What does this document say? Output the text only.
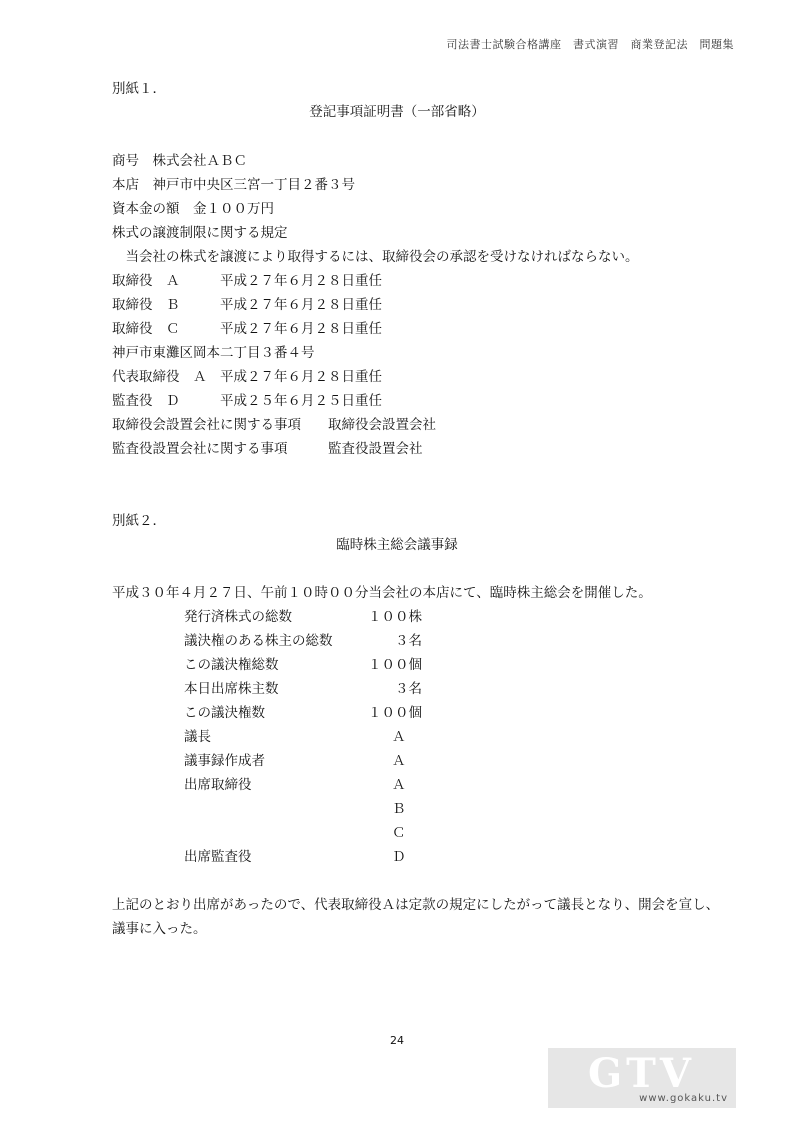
司法書士試験合格講座　書式演習　商業登記法　問題集
別紙１．
登記事項証明書（一部省略）
商号　株式会社ＡＢＣ
本店　神戸市中央区三宮一丁目２番３号
資本金の額　金１００万円
株式の譲渡制限に関する規定
　当会社の株式を譲渡により取得するには、取締役会の承認を受けなければならない。
取締役　Ａ　　　平成２７年６月２８日重任
取締役　Ｂ　　　平成２７年６月２８日重任
取締役　Ｃ　　　平成２７年６月２８日重任
神戸市東灘区岡本二丁目３番４号
代表取締役　Ａ　平成２７年６月２８日重任
監査役　Ｄ　　　平成２５年６月２５日重任
取締役会設置会社に関する事項　　取締役会設置会社
監査役設置会社に関する事項　　　監査役設置会社
別紙２．
臨時株主総会議事録
平成３０年４月２７日、午前１０時００分当会社の本店にて、臨時株主総会を開催した。
発行済株式の総数	１００株
議決権のある株主の総数	３名
この議決権総数	１００個
本日出席株主数	３名
この議決権数	１００個
議長	Ａ
議事録作成者	Ａ
出席取締役	Ａ
Ｂ
Ｃ
出席監査役	Ｄ
上記のとおり出席があったので、代表取締役Ａは定款の規定にしたがって議長となり、開会を宣し、
議事に入った。
24
GTV
www.gokaku.tv
